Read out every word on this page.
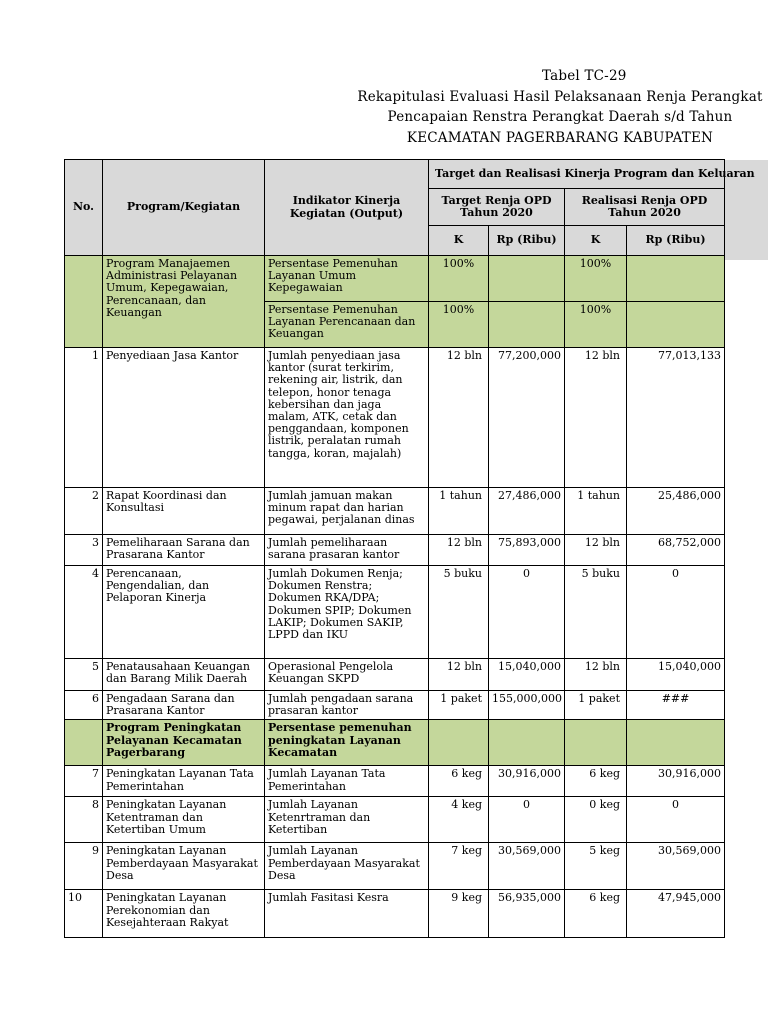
Tabel TC-29
Rekapitulasi Evaluasi Hasil Pelaksanaan Renja Perangkat
Pencapaian Renstra Perangkat Daerah s/d Tahun
KECAMATAN PAGERBARANG KABUPATEN
No.	Program/Kegiatan	Indikator Kinerja Kegiatan (Output)	Target dan Realisasi Kinerja Program dan Keluaran			
			Target Renja OPD Tahun 2020		Realisasi Renja OPD Tahun 2020	
			K	Rp (Ribu)	K	Rp (Ribu)
	Program Manajaemen Administrasi Pelayanan Umum, Kepegawaian, Perencanaan, dan Keuangan	Persentase Pemenuhan Layanan Umum Kepegawaian	100%		100%	
		Persentase Pemenuhan Layanan Perencanaan dan Keuangan	100%		100%	
1	Penyediaan Jasa Kantor	Jumlah penyediaan jasa kantor (surat terkirim, rekening air, listrik, dan telepon, honor tenaga kebersihan dan jaga malam, ATK, cetak dan penggandaan, komponen listrik, peralatan rumah tangga, koran, majalah)	12 bln	77,200,000	12 bln	77,013,133
2	Rapat Koordinasi dan Konsultasi	Jumlah jamuan makan minum rapat dan harian pegawai, perjalanan dinas	1 tahun	27,486,000	1 tahun	25,486,000
3	Pemeliharaan Sarana dan Prasarana Kantor	Jumlah pemeliharaan sarana prasaran kantor	12 bln	75,893,000	12 bln	68,752,000
4	Perencanaan, Pengendalian, dan Pelaporan Kinerja	Jumlah Dokumen Renja; Dokumen Renstra; Dokumen RKA/DPA; Dokumen SPIP; Dokumen LAKIP; Dokumen SAKIP, LPPD dan IKU	5 buku	0	5 buku	0
5	Penatausahaan Keuangan dan Barang Milik Daerah	Operasional Pengelola Keuangan SKPD	12 bln	15,040,000	12 bln	15,040,000
6	Pengadaan Sarana dan Prasarana Kantor	Jumlah pengadaan sarana prasaran kantor	1 paket	155,000,000	1 paket	###
	Program Peningkatan Pelayanan Kecamatan Pagerbarang	Persentase pemenuhan peningkatan Layanan Kecamatan				
7	Peningkatan Layanan Tata Pemerintahan	Jumlah Layanan Tata Pemerintahan	6 keg	30,916,000	6 keg	30,916,000
8	Peningkatan Layanan Ketentraman dan Ketertiban Umum	Jumlah Layanan Ketenrtraman dan Ketertiban	4 keg	0	0 keg	0
9	Peningkatan Layanan Pemberdayaan Masyarakat Desa	Jumlah Layanan Pemberdayaan Masyarakat Desa	7 keg	30,569,000	5 keg	30,569,000
10	Peningkatan Layanan Perekonomian dan Kesejahteraan Rakyat	Jumlah Fasitasi Kesra	9 keg	56,935,000	6 keg	47,945,000
